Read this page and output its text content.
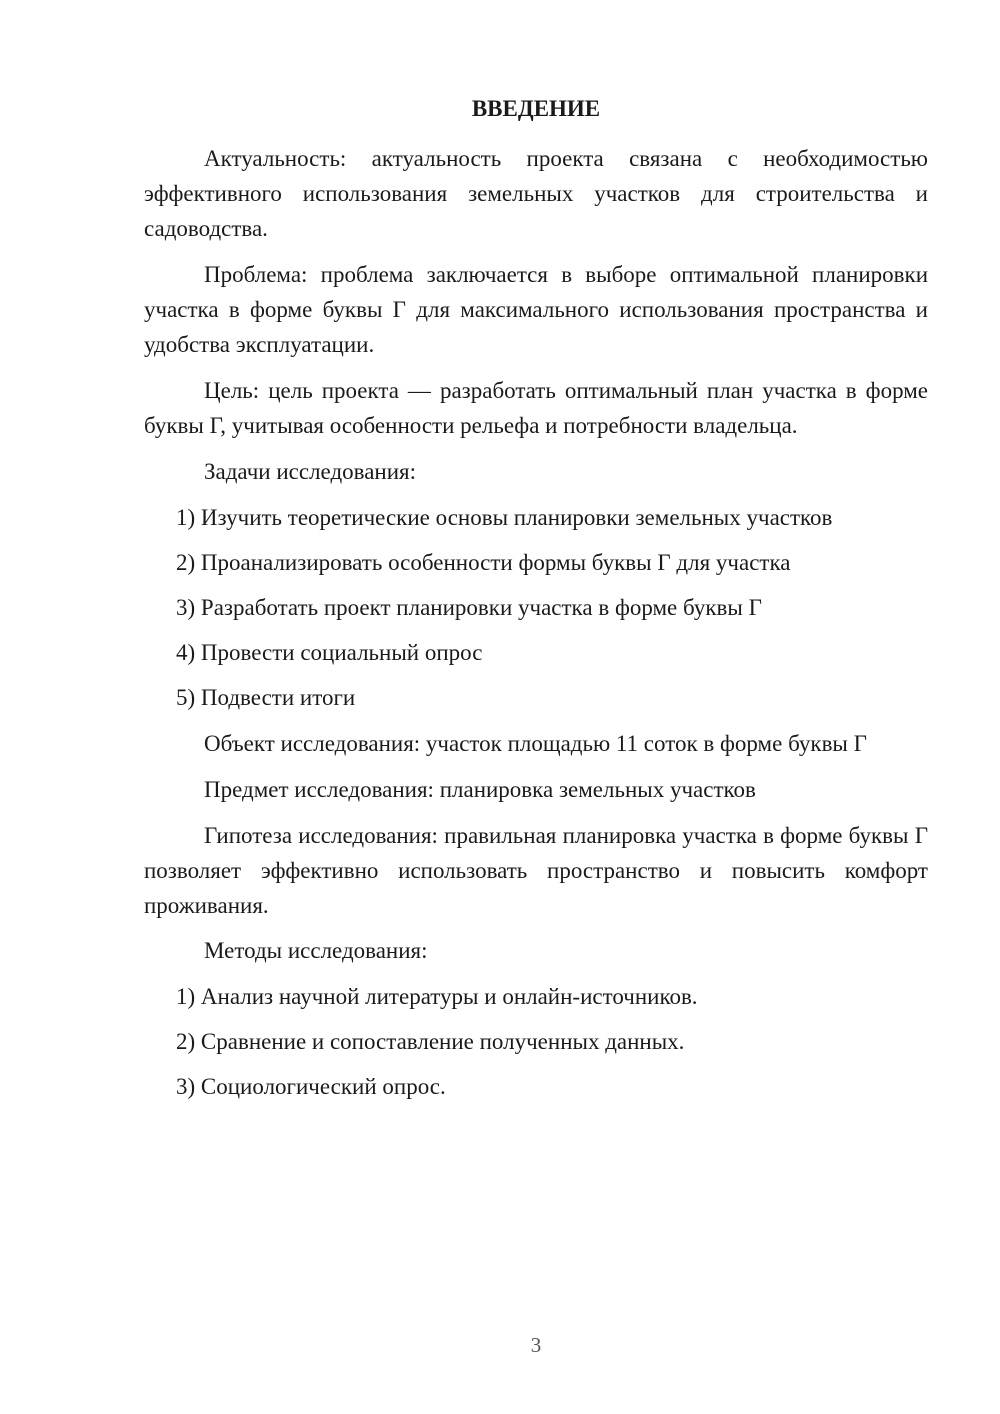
ВВЕДЕНИЕ

Актуальность: актуальность проекта связана с необходимостью эффективного использования земельных участков для строительства и садоводства.

Проблема: проблема заключается в выборе оптимальной планировки участка в форме буквы Г для максимального использования пространства и удобства эксплуатации.

Цель: цель проекта — разработать оптимальный план участка в форме буквы Г, учитывая особенности рельефа и потребности владельца.

Задачи исследования:

1) Изучить теоретические основы планировки земельных участков

2) Проанализировать особенности формы буквы Г для участка

3) Разработать проект планировки участка в форме буквы Г

4) Провести социальный опрос

5) Подвести итоги

Объект исследования: участок площадью 11 соток в форме буквы Г

Предмет исследования: планировка земельных участков

Гипотеза исследования: правильная планировка участка в форме буквы Г позволяет эффективно использовать пространство и повысить комфорт проживания.

Методы исследования:

1) Анализ научной литературы и онлайн-источников.

2) Сравнение и сопоставление полученных данных.

3) Социологический опрос.

3
